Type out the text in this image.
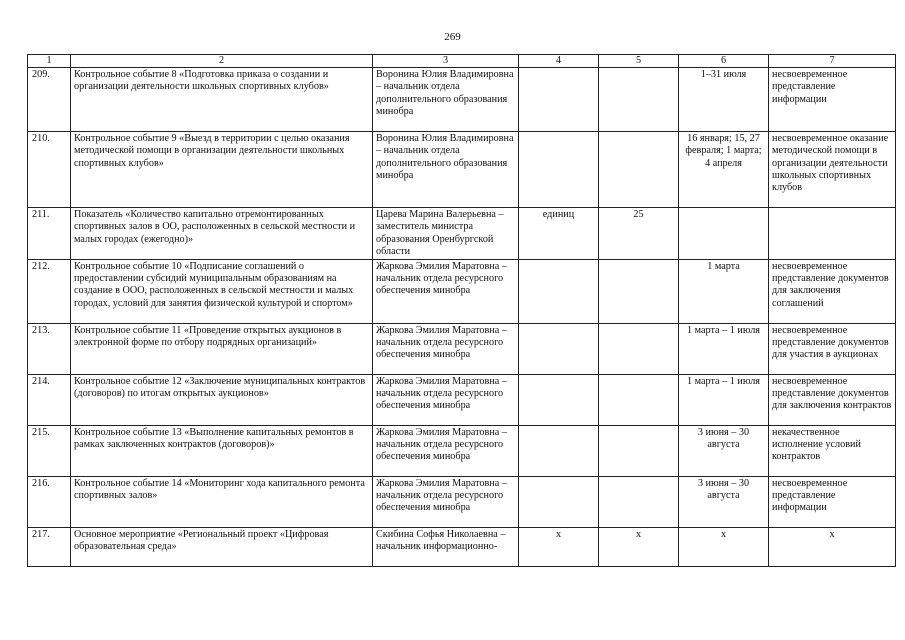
269
1	2	3	4	5	6	7
209.	Контрольное событие 8 «Подготовка приказа о создании и организации деятельности школьных спортивных клубов»	Воронина Юлия Владимировна – начальник отдела дополнительного образования минобра			1–31 июля	несвоевременное представление информации
210.	Контрольное событие 9 «Выезд в территории с целью оказания методической помощи в организации деятельности школьных спортивных клубов»	Воронина Юлия Владимировна – начальник отдела дополнительного образования минобра			16 января; 15, 27 февраля; 1 марта; 4 апреля	несвоевременное оказание методической помощи в организации деятельности школьных спортивных клубов
211.	Показатель «Количество капитально отремонтированных спортивных залов в ОО, расположенных в сельской местности и малых городах (ежегодно)»	Царева Марина Валерьевна – заместитель министра образования Оренбургской области	единиц	25		
212.	Контрольное событие 10 «Подписание соглашений о предоставлении субсидий муниципальным образованиям на создание в ООО, расположенных в сельской местности и малых городах, условий для занятия физической культурой и спортом»	Жаркова Эмилия Маратовна – начальник отдела ресурсного обеспечения минобра			1 марта	несвоевременное представление документов для заключения соглашений
213.	Контрольное событие 11 «Проведение открытых аукционов в электронной форме по отбору подрядных организаций»	Жаркова Эмилия Маратовна – начальник отдела ресурсного обеспечения минобра			1 марта – 1 июля	несвоевременное представление документов для участия в аукционах
214.	Контрольное событие 12 «Заключение муниципальных контрактов (договоров) по итогам открытых аукционов»	Жаркова Эмилия Маратовна – начальник отдела ресурсного обеспечения минобра			1 марта – 1 июля	несвоевременное представление документов для заключения контрактов
215.	Контрольное событие 13 «Выполнение капитальных ремонтов в рамках заключенных контрактов (договоров)»	Жаркова Эмилия Маратовна – начальник отдела ресурсного обеспечения минобра			3 июня – 30 августа	некачественное исполнение условий контрактов
216.	Контрольное событие 14 «Мониторинг хода капитального ремонта спортивных залов»	Жаркова Эмилия Маратовна – начальник отдела ресурсного обеспечения минобра			3 июня – 30 августа	несвоевременное представление информации
217.	Основное мероприятие «Региональный проект «Цифровая образовательная среда»	Скибина Софья Николаевна – начальник информационно-	х	х	х	х
